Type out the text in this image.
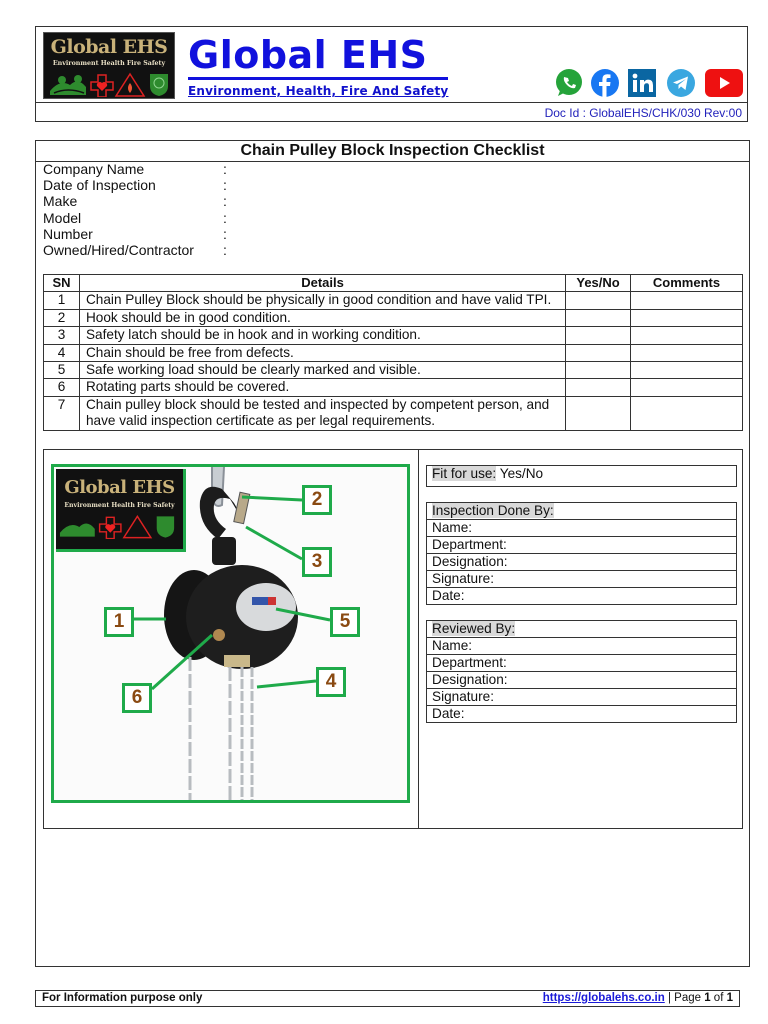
Global EHS
Environment Health Fire Safety Global EHS
Environment, Health, Fire And Safety
Doc Id : GlobalEHS/CHK/030 Rev:00
Chain Pulley Block Inspection Checklist
Company Name	:
Date of Inspection	:
Make	:
Model	:
Number	:
Owned/Hired/Contractor	:
SN	Details	Yes/No	Comments
1	Chain Pulley Block should be physically in good condition and have valid TPI.		
2	Hook should be in good condition.		
3	Safety latch should be in hook and in working condition.		
4	Chain should be free from defects.		
5	Safe working load should be clearly marked and visible.		
6	Rotating parts should be covered.		
7	Chain pulley block should be tested and inspected by competent person, and have valid inspection certificate as per legal requirements.		
Global EHS
Environment Health Fire Safety	2
3
1	5
4
6
Fit for use: Yes/No
Inspection Done By:
Name:
Department:
Designation:
Signature:
Date:
Reviewed By:
Name:
Department:
Designation:
Signature:
Date:
For Information purpose only	https://globalehs.co.in | Page 1 of 1
